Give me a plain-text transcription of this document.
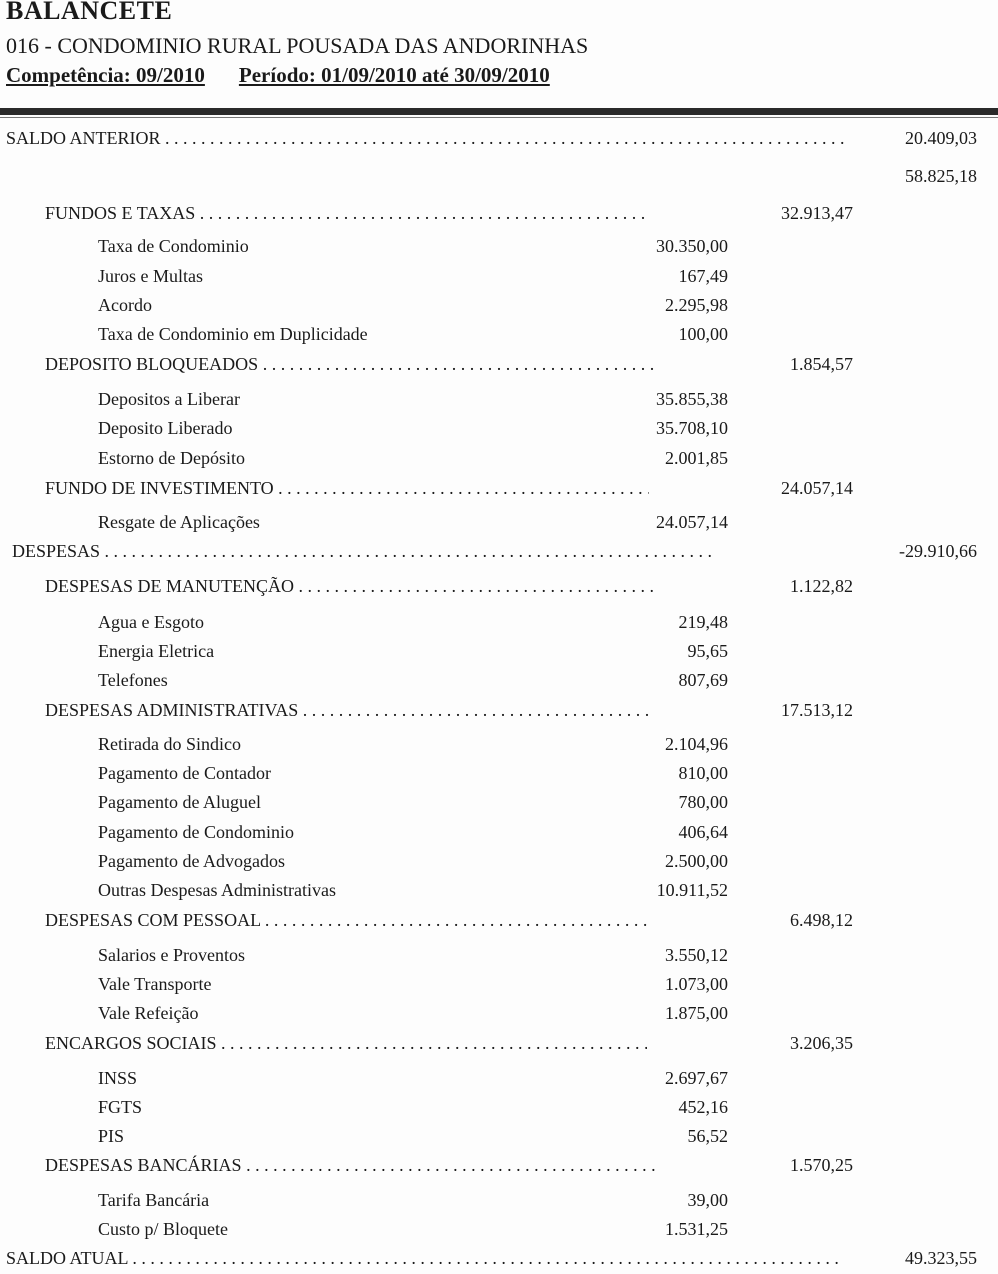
BALANCETE
016 - CONDOMINIO RURAL POUSADA DAS ANDORINHAS
Competência: 09/2010 Período: 01/09/2010 até 30/09/2010
SALDO ANTERIOR . . .	20.409,03
58.825,18
FUNDOS E TAXAS . . .	32.913,47
Taxa de Condominio	30.350,00
Juros e Multas	167,49
Acordo	2.295,98
Taxa de Condominio em Duplicidade	100,00
DEPOSITO BLOQUEADOS . . .	1.854,57
Depositos a Liberar	35.855,38
Deposito Liberado	35.708,10
Estorno de Depósito	2.001,85
FUNDO DE INVESTIMENTO . . .	24.057,14
Resgate de Aplicações	24.057,14
DESPESAS . . .	-29.910,66
DESPESAS DE MANUTENÇÃO . . .	1.122,82
Agua e Esgoto	219,48
Energia Eletrica	95,65
Telefones	807,69
DESPESAS ADMINISTRATIVAS . . .	17.513,12
Retirada do Sindico	2.104,96
Pagamento de Contador	810,00
Pagamento de Aluguel	780,00
Pagamento de Condominio	406,64
Pagamento de Advogados	2.500,00
Outras Despesas Administrativas	10.911,52
DESPESAS COM PESSOAL . . .	6.498,12
Salarios e Proventos	3.550,12
Vale Transporte	1.073,00
Vale Refeição	1.875,00
ENCARGOS SOCIAIS . . .	3.206,35
INSS	2.697,67
FGTS	452,16
PIS	56,52
DESPESAS BANCÁRIAS . . .	1.570,25
Tarifa Bancária	39,00
Custo p/ Bloquete	1.531,25
SALDO ATUAL . . .	49.323,55
